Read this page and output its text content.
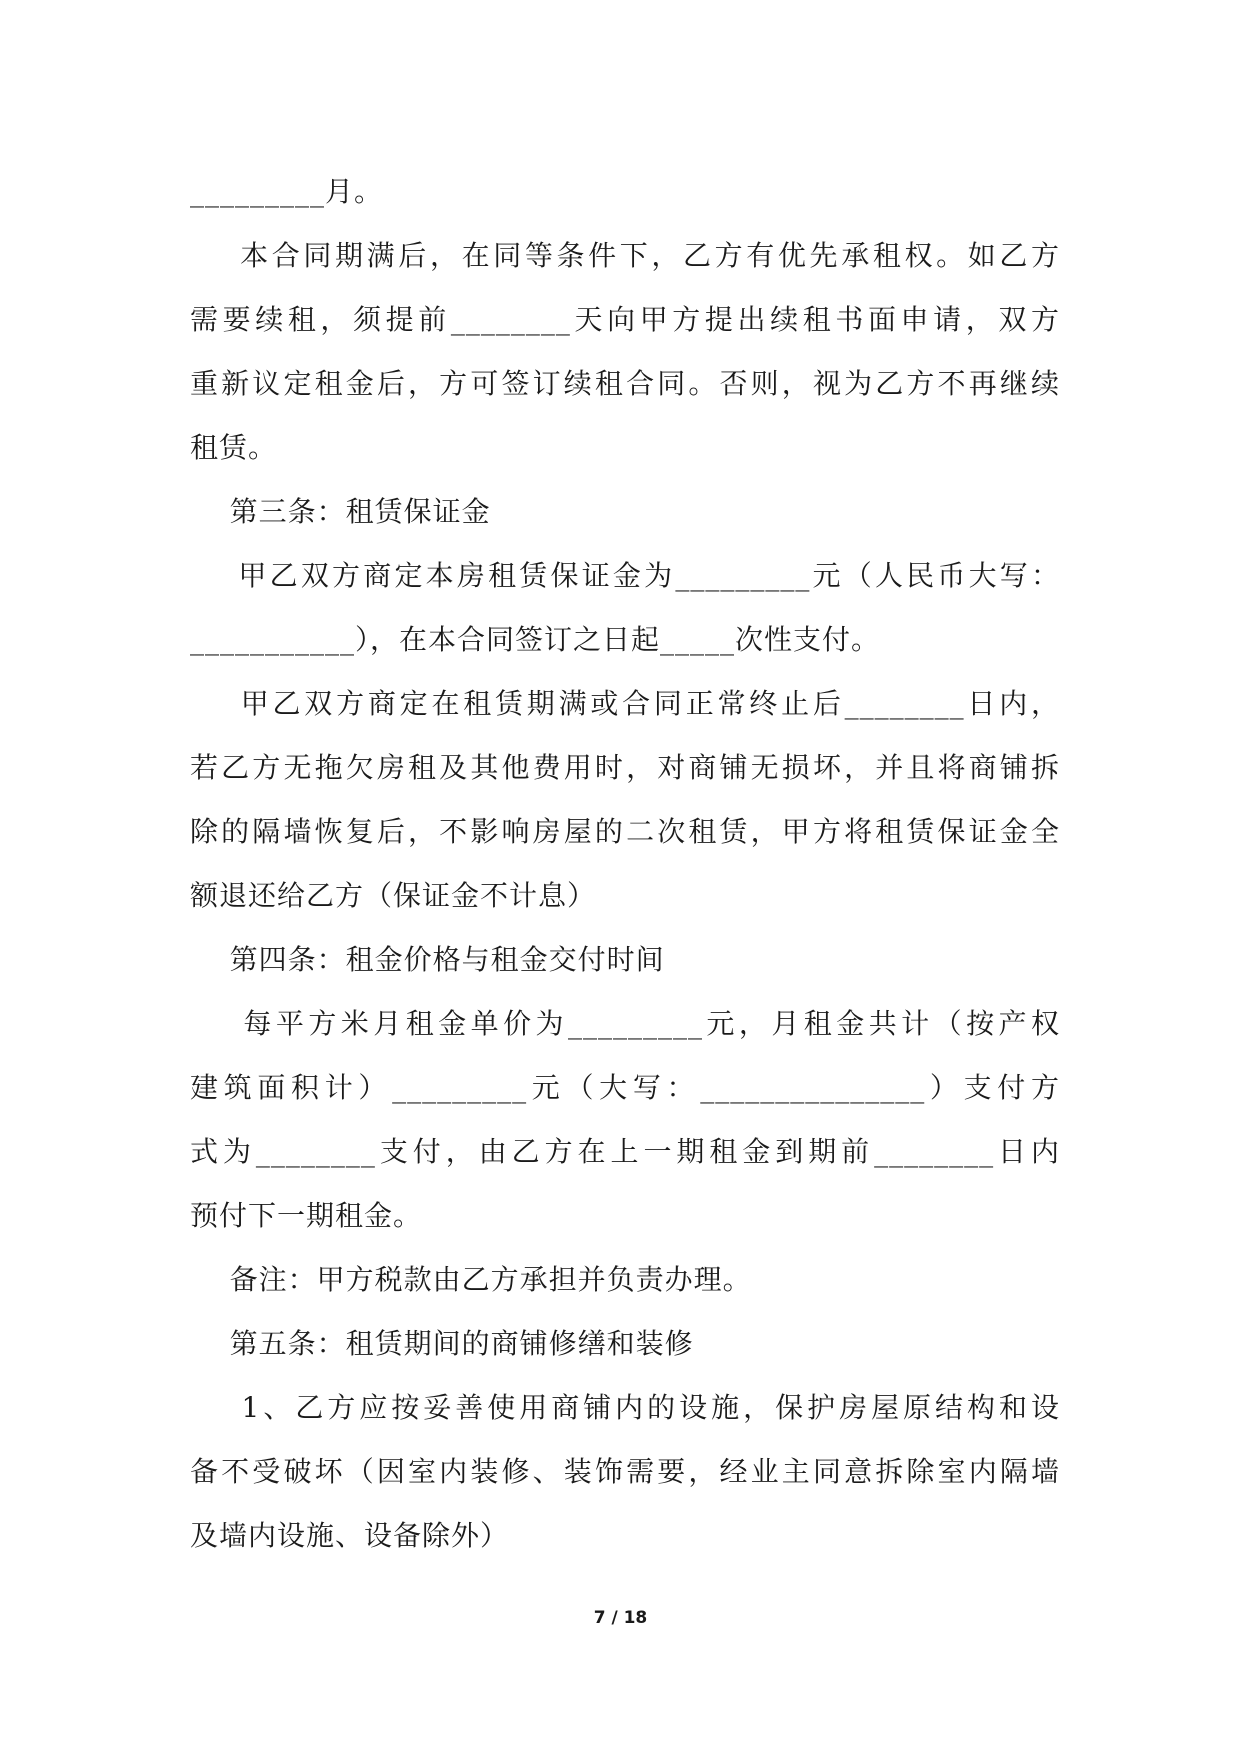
_________月。
本合同期满后，在同等条件下，乙方有优先承租权。如乙方
需要续租，须提前________天向甲方提出续租书面申请，双方
重新议定租金后，方可签订续租合同。否则，视为乙方不再继续
租赁。
第三条：租赁保证金
甲乙双方商定本房租赁保证金为_________元（人民币大写：
___________），在本合同签订之日起_____次性支付。
甲乙双方商定在租赁期满或合同正常终止后________日内，
若乙方无拖欠房租及其他费用时，对商铺无损坏，并且将商铺拆
除的隔墙恢复后，不影响房屋的二次租赁，甲方将租赁保证金全
额退还给乙方（保证金不计息）
第四条：租金价格与租金交付时间
每平方米月租金单价为_________元，月租金共计（按产权
建筑面积计）_________元（大写：_______________）支付方
式为________支付，由乙方在上一期租金到期前________日内
预付下一期租金。
备注：甲方税款由乙方承担并负责办理。
第五条：租赁期间的商铺修缮和装修
1、乙方应按妥善使用商铺内的设施，保护房屋原结构和设
备不受破坏（因室内装修、装饰需要，经业主同意拆除室内隔墙
及墙内设施、设备除外）
7 / 18
